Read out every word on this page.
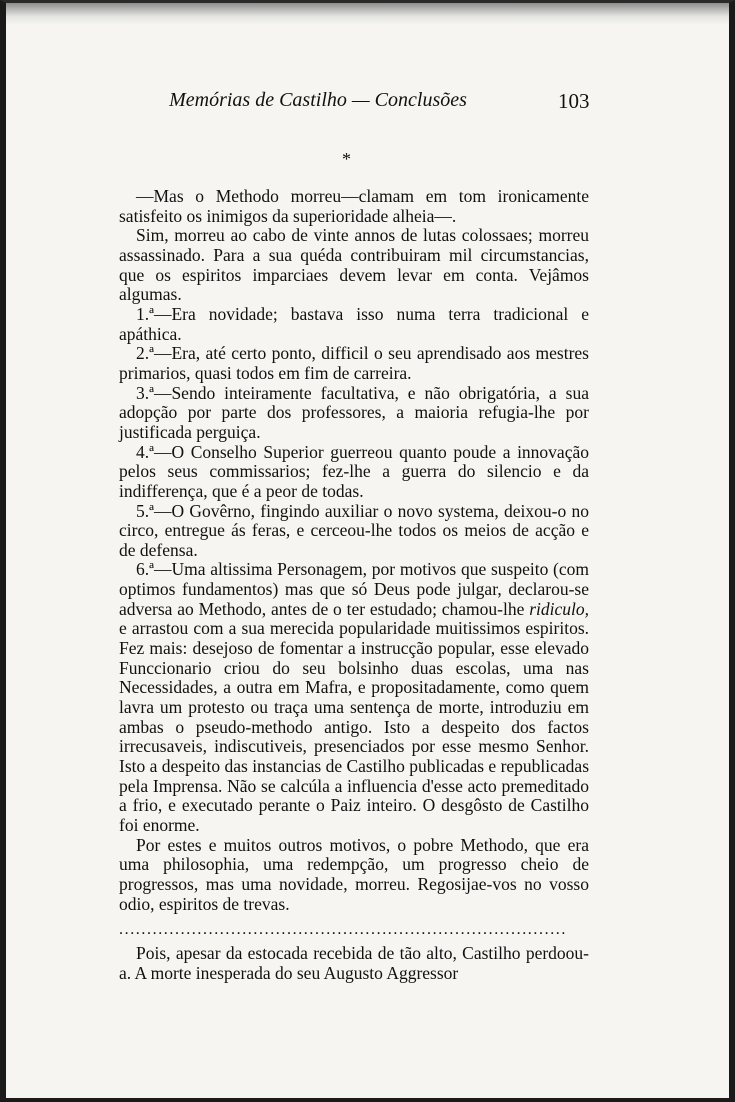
Memórias de Castilho — Conclusões	103
*

—Mas o Methodo morreu—clamam em tom ironicamente satisfeito os inimigos da superioridade alheia—.

Sim, morreu ao cabo de vinte annos de lutas colossaes; morreu assassinado. Para a sua quéda contribuiram mil circumstancias, que os espiritos imparciaes devem levar em conta. Vejâmos algumas.

1.ª—Era novidade; bastava isso numa terra tradicional e apáthica.

2.ª—Era, até certo ponto, difficil o seu aprendisado aos mestres primarios, quasi todos em fim de carreira.

3.ª—Sendo inteiramente facultativa, e não obrigatória, a sua adopção por parte dos professores, a maioria refugia-lhe por justificada perguiça.

4.ª—O Conselho Superior guerreou quanto poude a innovação pelos seus commissarios; fez-lhe a guerra do silencio e da indifferença, que é a peor de todas.

5.ª—O Govêrno, fingindo auxiliar o novo systema, deixou-o no circo, entregue ás feras, e cerceou-lhe todos os meios de acção e de defensa.

6.ª—Uma altissima Personagem, por motivos que suspeito (com optimos fundamentos) mas que só Deus pode julgar, declarou-se adversa ao Methodo, antes de o ter estudado; chamou-lhe ridiculo, e arrastou com a sua merecida popularidade muitissimos espiritos. Fez mais: desejoso de fomentar a instrucção popular, esse elevado Funccionario criou do seu bolsinho duas escolas, uma nas Necessidades, a outra em Mafra, e propositadamente, como quem lavra um protesto ou traça uma sentença de morte, introduziu em ambas o pseudo-methodo antigo. Isto a despeito dos factos irrecusaveis, indiscutiveis, presenciados por esse mesmo Senhor. Isto a despeito das instancias de Castilho publicadas e republicadas pela Imprensa. Não se calcúla a influencia d'esse acto premeditado a frio, e executado perante o Paiz inteiro. O desgôsto de Castilho foi enorme.

Por estes e muitos outros motivos, o pobre Methodo, que era uma philosophia, uma redempção, um progresso cheio de progressos, mas uma novidade, morreu. Regosijae-vos no vosso odio, espiritos de trevas.

................................................................................

Pois, apesar da estocada recebida de tão alto, Castilho perdoou-a. A morte inesperada do seu Augusto Aggressor
